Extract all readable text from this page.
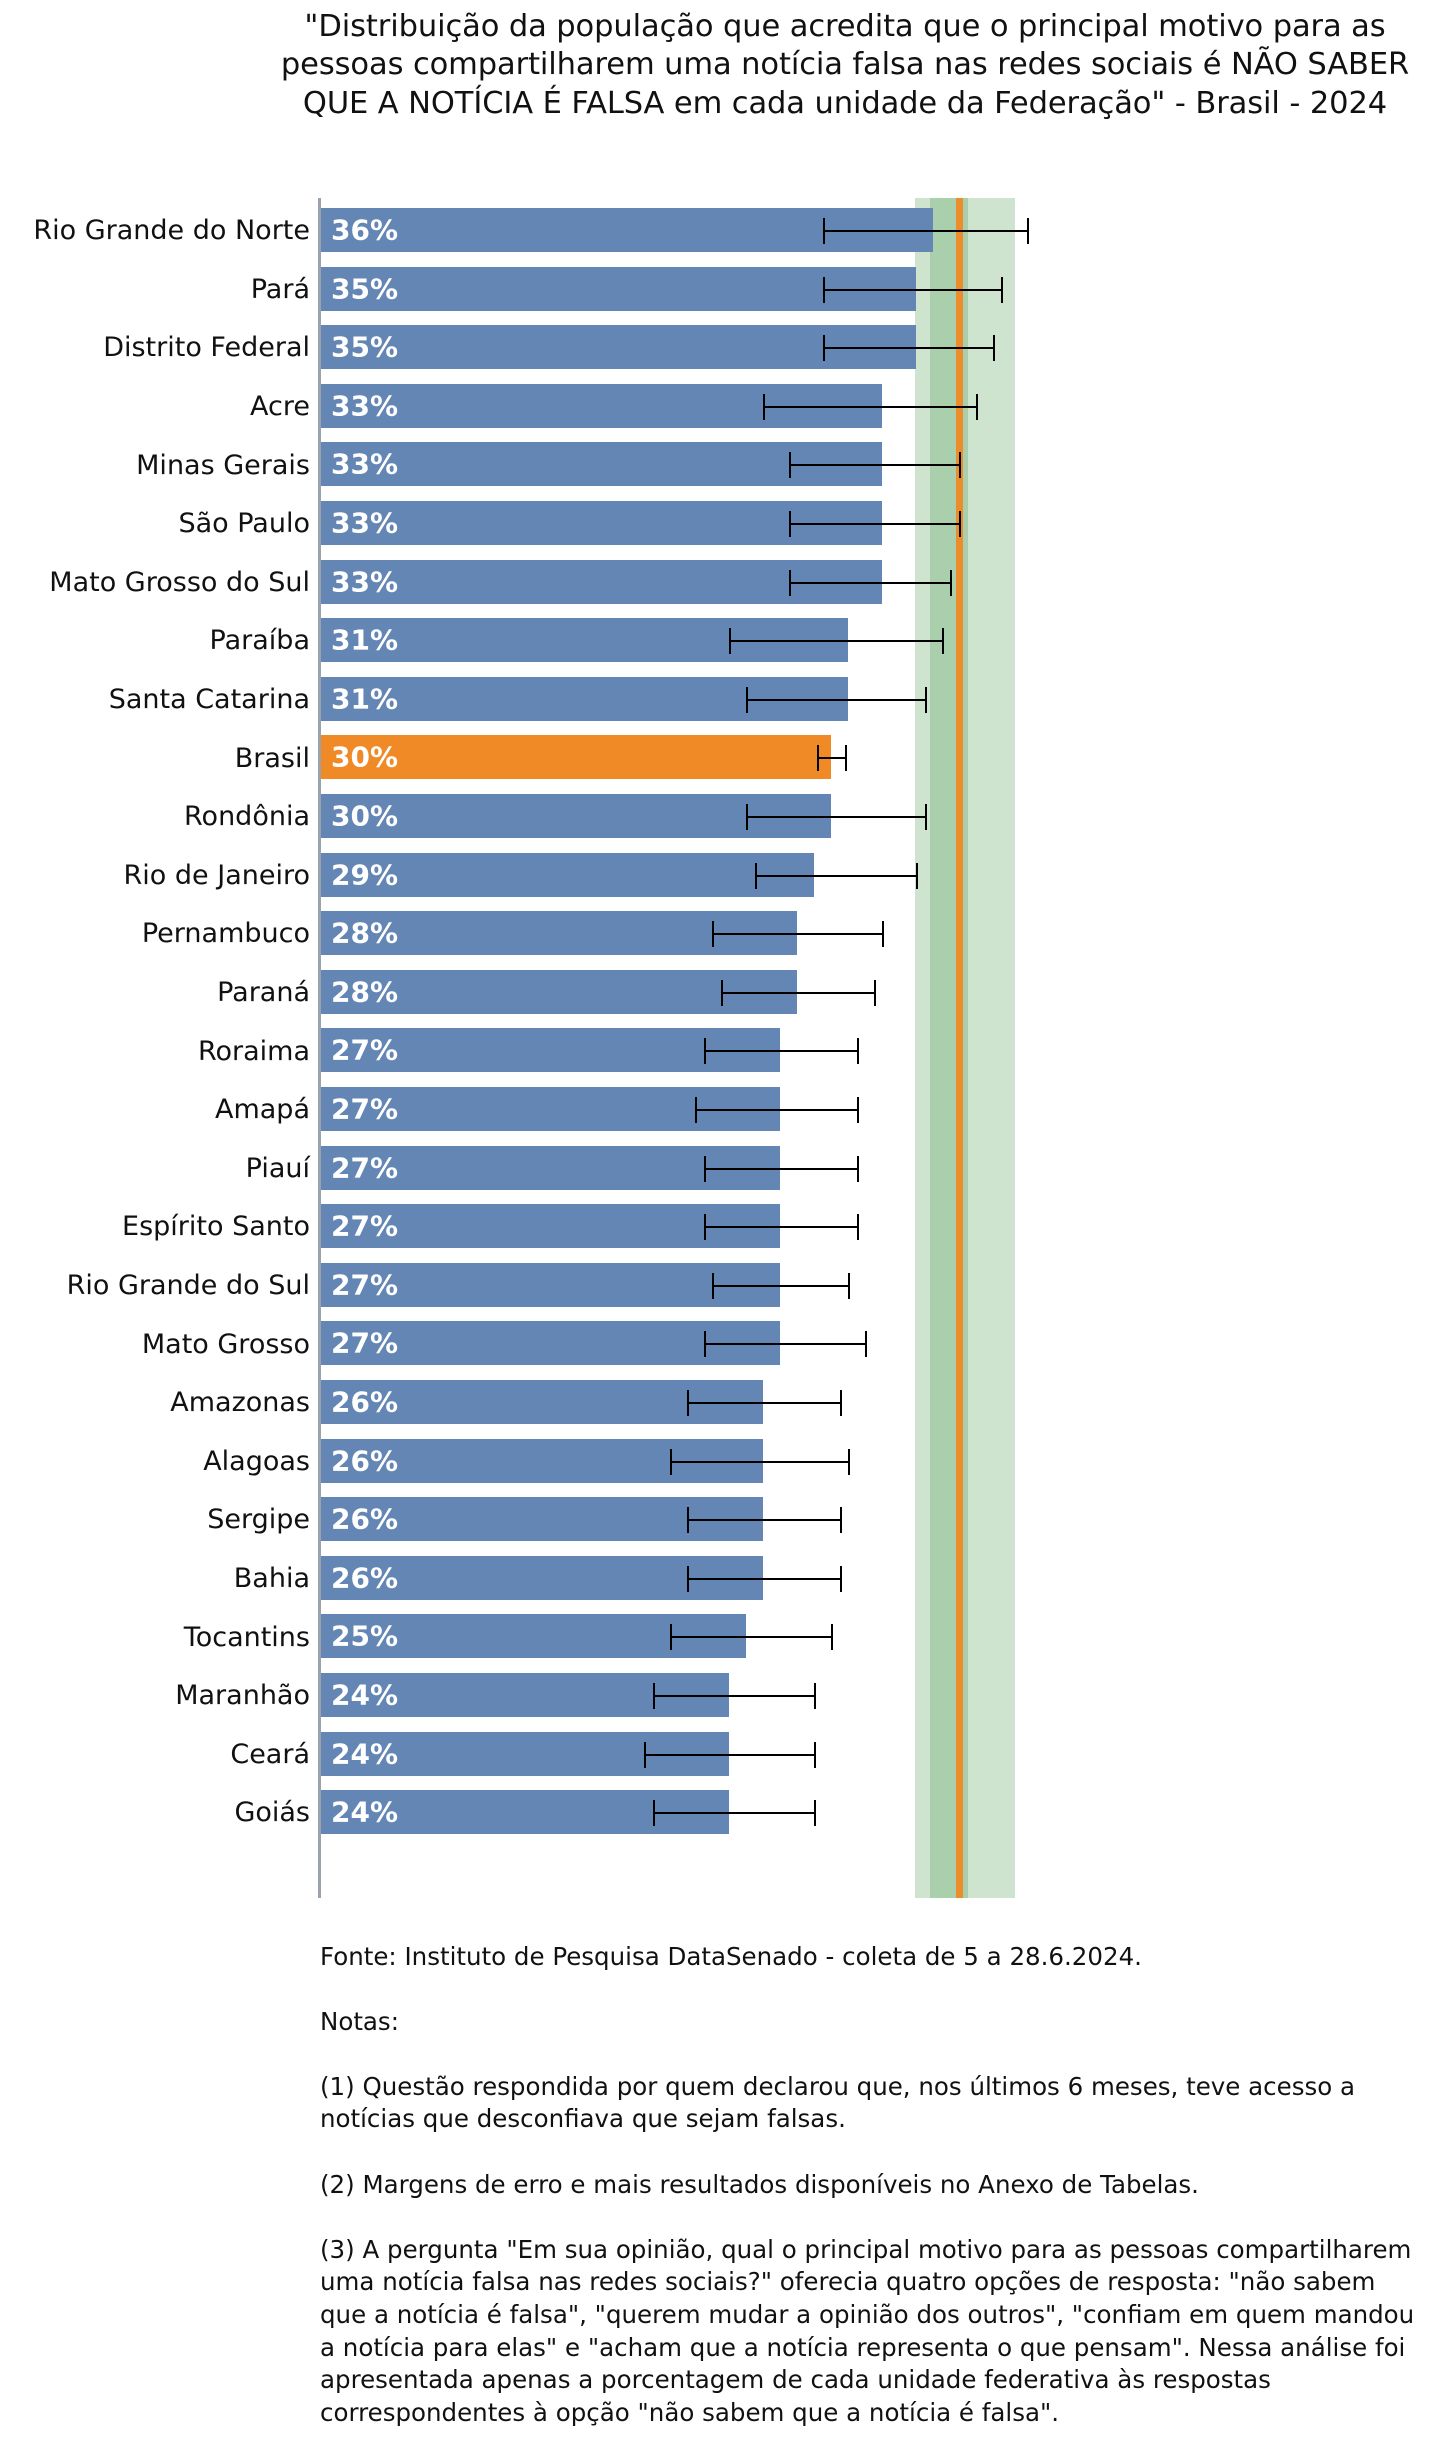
"Distribuição da população que acredita que o principal motivo para as pessoas compartilharem uma notícia falsa nas redes sociais é NÃO SABER QUE A NOTÍCIA É FALSA em cada unidade da Federação" - Brasil - 2024
Rio Grande do Norte 36%
Pará 35%
Distrito Federal 35%
Acre 33%
Minas Gerais 33%
São Paulo 33%
Mato Grosso do Sul 33%
Paraíba 31%
Santa Catarina 31%
Brasil 30%
Rondônia 30%
Rio de Janeiro 29%
Pernambuco 28%
Paraná 28%
Roraima 27%
Amapá 27%
Piauí 27%
Espírito Santo 27%
Rio Grande do Sul 27%
Mato Grosso 27%
Amazonas 26%
Alagoas 26%
Sergipe 26%
Bahia 26%
Tocantins 25%
Maranhão 24%
Ceará 24%
Goiás 24%

Fonte: Instituto de Pesquisa DataSenado - coleta de 5 a 28.6.2024.

Notas:

(1) Questão respondida por quem declarou que, nos últimos 6 meses, teve acesso a notícias que desconfiava que sejam falsas.

(2) Margens de erro e mais resultados disponíveis no Anexo de Tabelas.

(3) A pergunta "Em sua opinião, qual o principal motivo para as pessoas compartilharem uma notícia falsa nas redes sociais?" oferecia quatro opções de resposta: "não sabem que a notícia é falsa", "querem mudar a opinião dos outros", "confiam em quem mandou a notícia para elas" e "acham que a notícia representa o que pensam". Nessa análise foi apresentada apenas a porcentagem de cada unidade federativa às respostas correspondentes à opção "não sabem que a notícia é falsa".
